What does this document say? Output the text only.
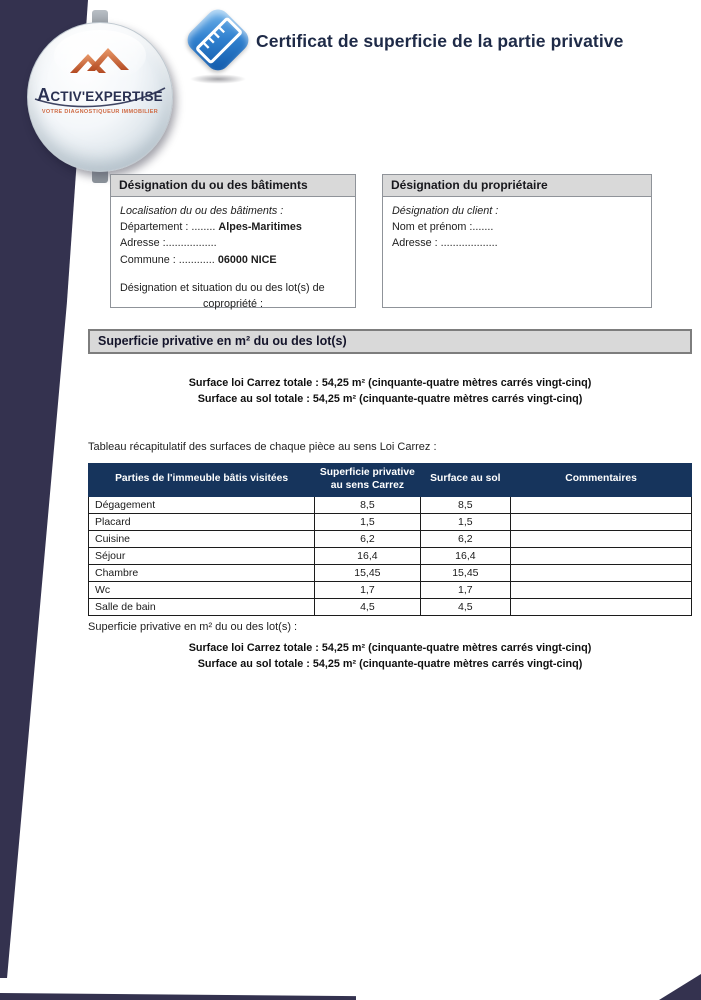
ACTIV'EXPERTISE
VOTRE DIAGNOSTIQUEUR IMMOBILIER
Certificat de superficie de la partie privative
Désignation du ou des bâtiments
Localisation du ou des bâtiments :
Département : ........ Alpes-Maritimes
Adresse :.................
Commune : ............ 06000 NICE
Désignation et situation du ou des lot(s) de
copropriété :
Désignation du propriétaire
Désignation du client :
Nom et prénom :.......
Adresse : ...................
Superficie privative en m² du ou des lot(s)
Surface loi Carrez totale : 54,25 m² (cinquante-quatre mètres carrés vingt-cinq)
Surface au sol totale : 54,25 m² (cinquante-quatre mètres carrés vingt-cinq)
Tableau récapitulatif des surfaces de chaque pièce au sens Loi Carrez :
Parties de l'immeuble bâtis visitées	Superficie privative au sens Carrez	Surface au sol	Commentaires
Dégagement	8,5	8,5	
Placard	1,5	1,5	
Cuisine	6,2	6,2	
Séjour	16,4	16,4	
Chambre	15,45	15,45	
Wc	1,7	1,7	
Salle de bain	4,5	4,5	
Superficie privative en m² du ou des lot(s) :
Surface loi Carrez totale : 54,25 m² (cinquante-quatre mètres carrés vingt-cinq)
Surface au sol totale : 54,25 m² (cinquante-quatre mètres carrés vingt-cinq)
